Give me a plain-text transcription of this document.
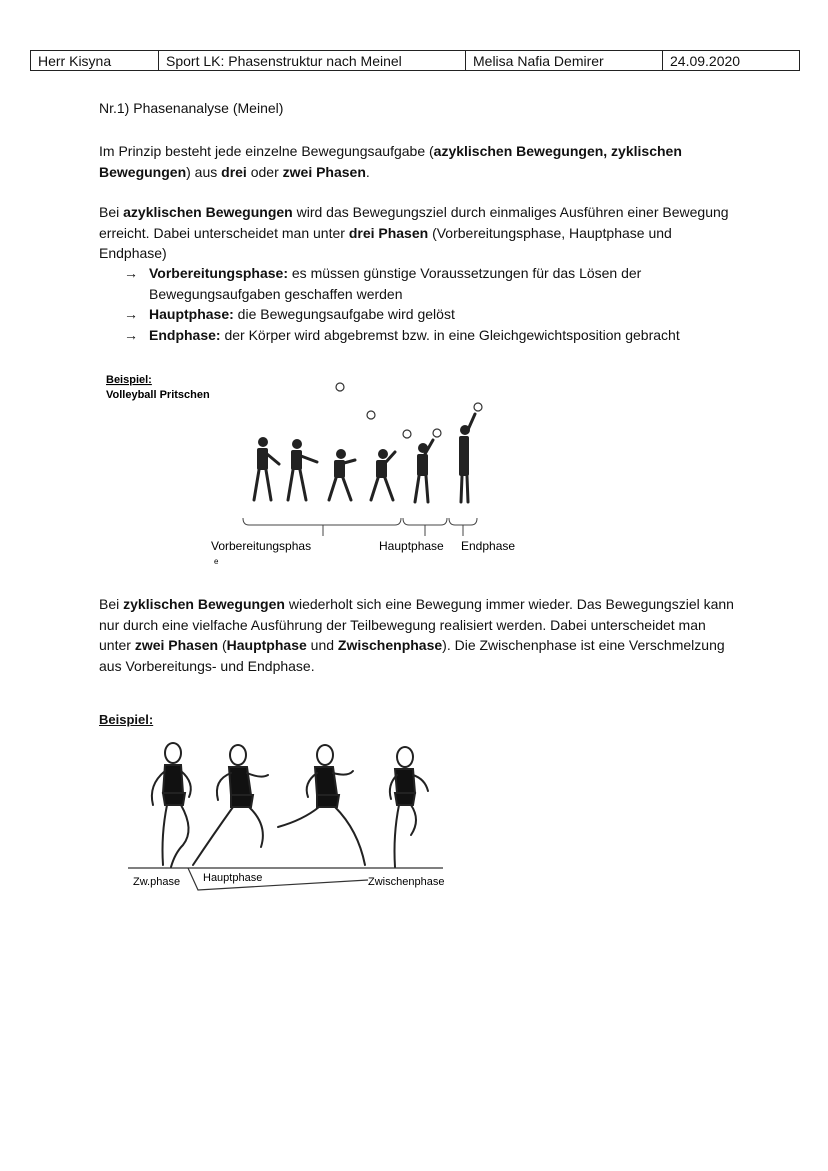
Herr Kisyna	Sport LK: Phasenstruktur nach Meinel	Melisa Nafia Demirer	24.09.2020
Nr.1) Phasenanalyse (Meinel)
Im Prinzip besteht jede einzelne Bewegungsaufgabe (azyklischen Bewegungen, zyklischen Bewegungen) aus drei oder zwei Phasen.
Bei azyklischen Bewegungen wird das Bewegungsziel durch einmaliges Ausführen einer Bewegung erreicht. Dabei unterscheidet man unter drei Phasen (Vorbereitungsphase, Hauptphase und Endphase)
→ Vorbereitungsphase: es müssen günstige Voraussetzungen für das Lösen der Bewegungsaufgaben geschaffen werden
→ Hauptphase: die Bewegungsaufgabe wird gelöst
→ Endphase: der Körper wird abgebremst bzw. in eine Gleichgewichtsposition gebracht
Beispiel:
Volleyball Pritschen
Vorbereitungsphas
e
Hauptphase Endphase
Bei zyklischen Bewegungen wiederholt sich eine Bewegung immer wieder. Das Bewegungsziel kann nur durch eine vielfache Ausführung der Teilbewegung realisiert werden. Dabei unterscheidet man unter zwei Phasen (Hauptphase und Zwischenphase). Die Zwischenphase ist eine Verschmelzung aus Vorbereitungs- und Endphase.
Beispiel:
Zw.phase Hauptphase	Zwischenphase
